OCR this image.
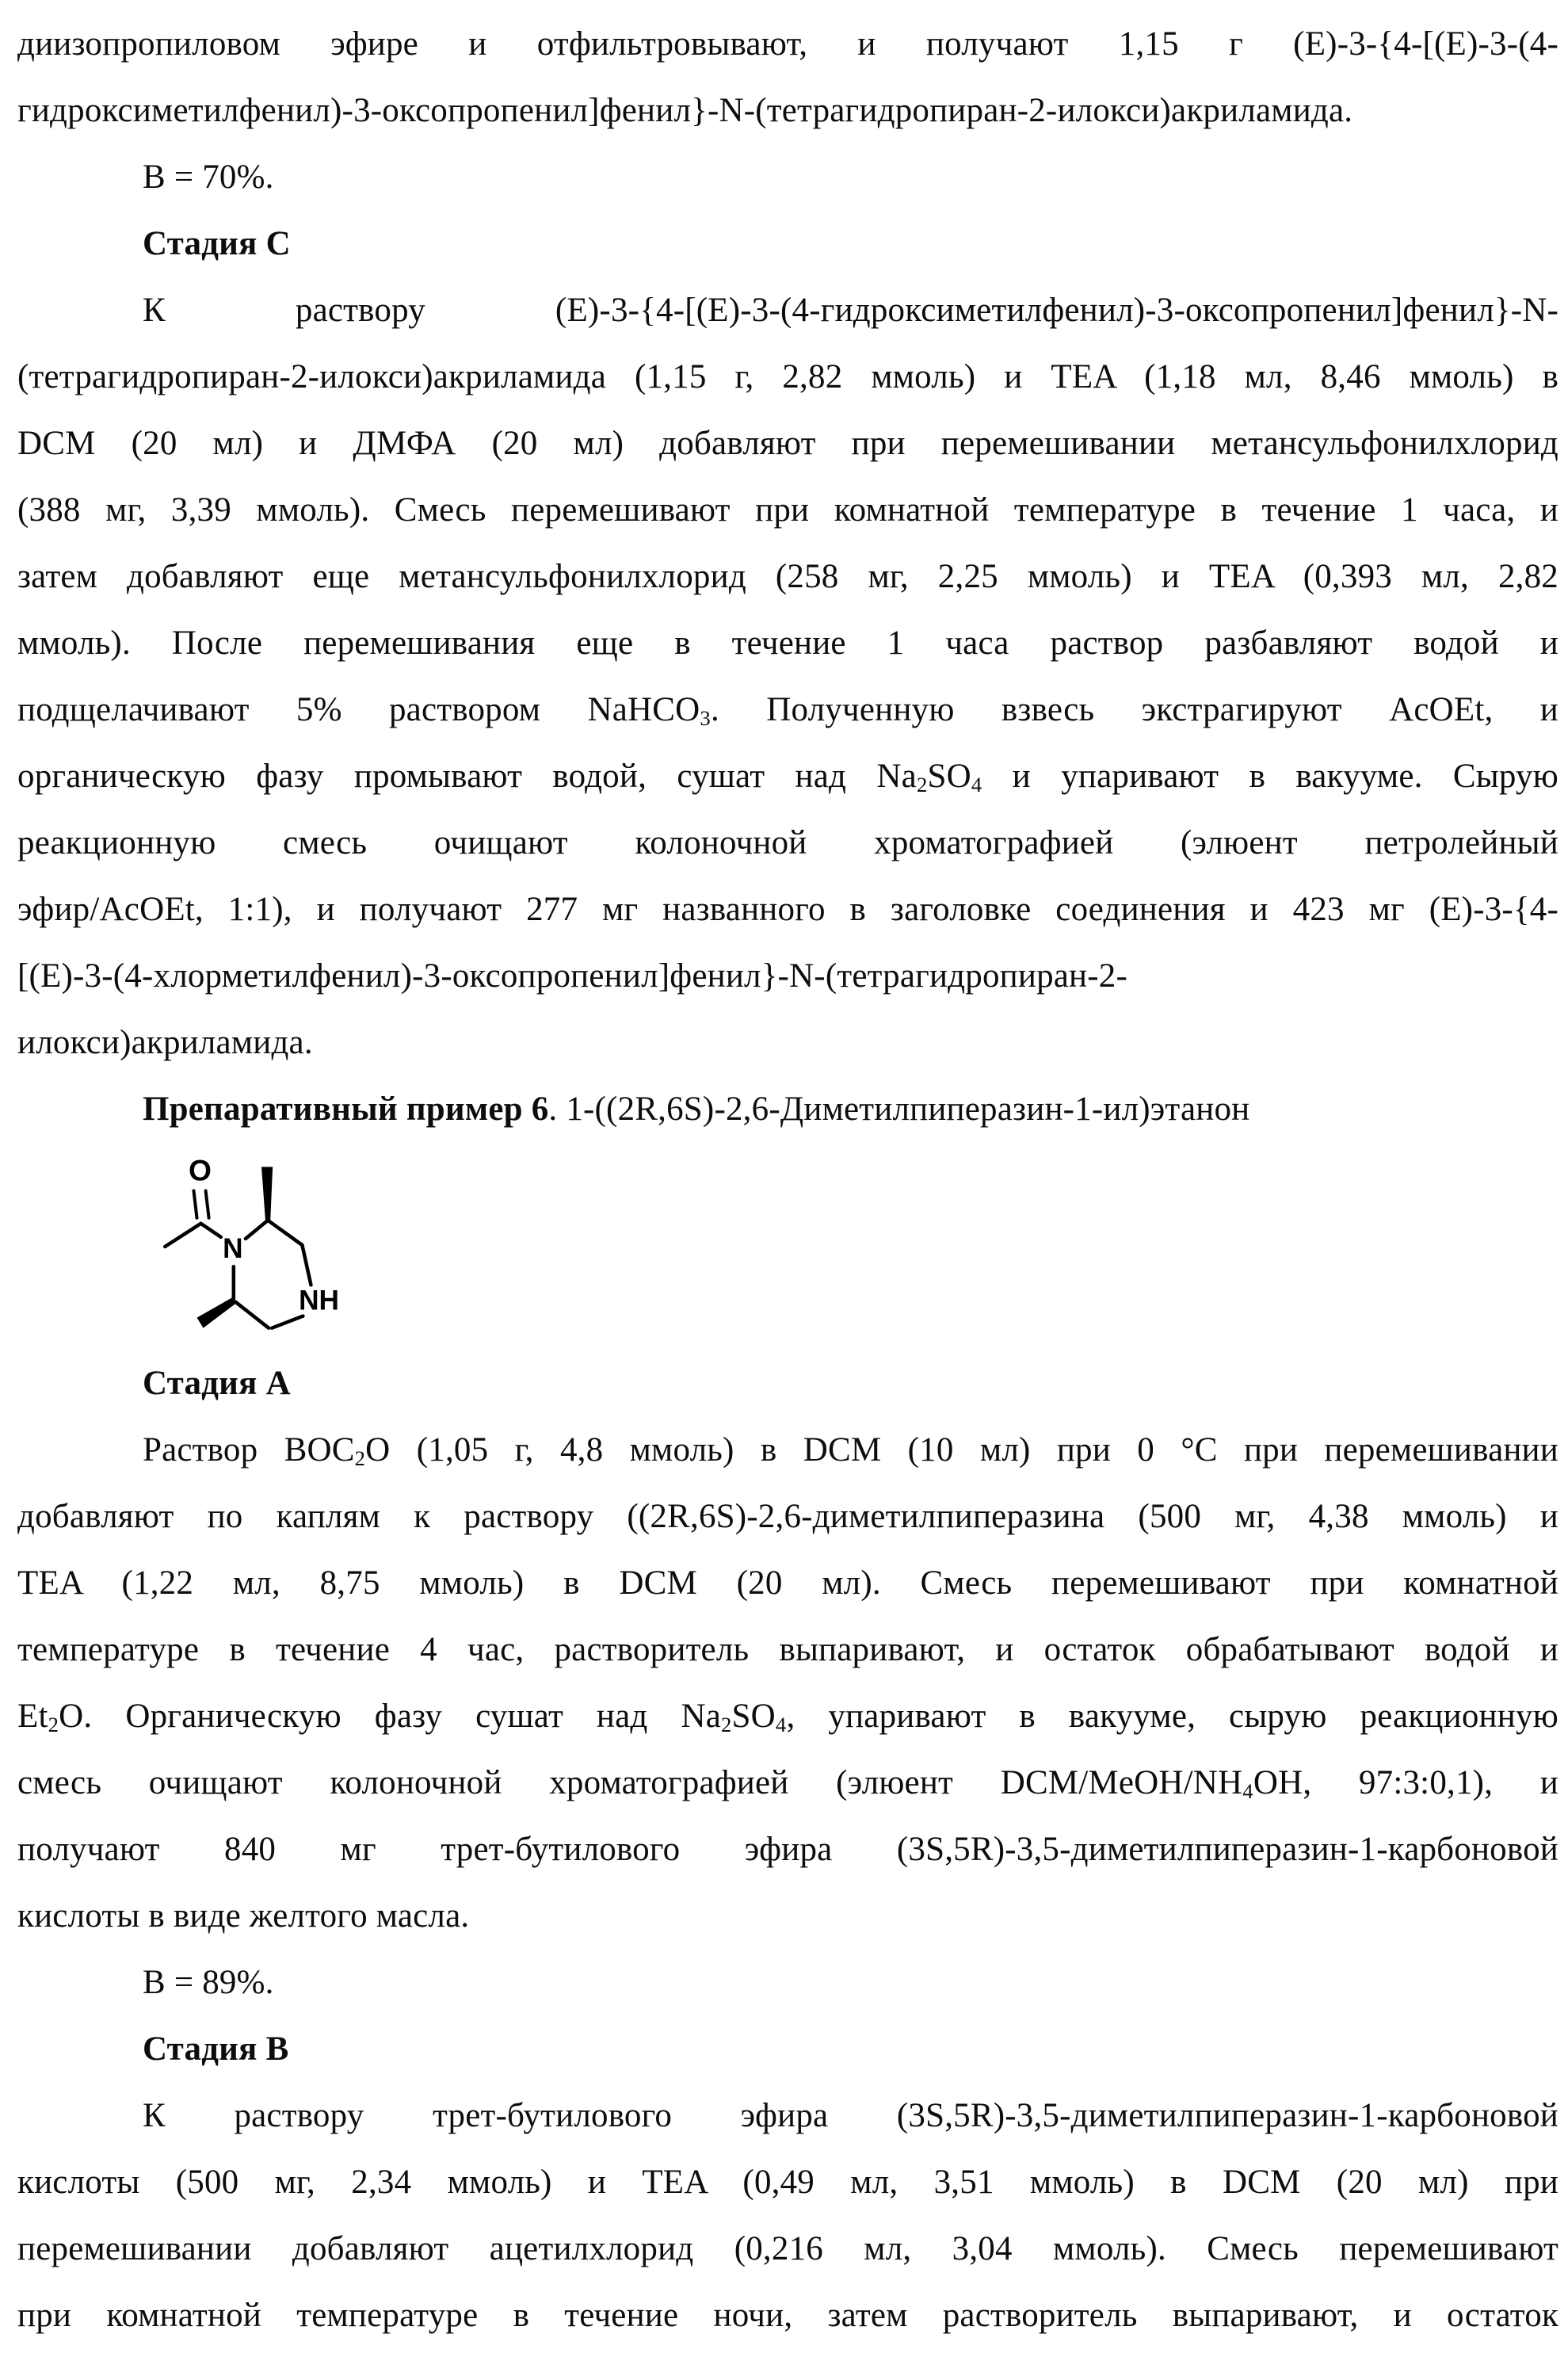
диизопропиловом эфире и отфильтровывают, и получают 1,15 г (E)-3-{4-[(E)-3-(4-
гидроксиметилфенил)-3-оксопропенил]фенил}-N-(тетрагидропиран-2-илокси)акриламида.
В = 70%.
Стадия C
К раствору (E)-3-{4-[(E)-3-(4-гидроксиметилфенил)-3-оксопропенил]фенил}-N-
(тетрагидропиран-2-илокси)акриламида (1,15 г, 2,82 ммоль) и TEA (1,18 мл, 8,46 ммоль) в
DCM (20 мл) и ДМФА (20 мл) добавляют при перемешивании метансульфонилхлорид
(388 мг, 3,39 ммоль). Смесь перемешивают при комнатной температуре в течение 1 часа, и
затем добавляют еще метансульфонилхлорид (258 мг, 2,25 ммоль) и TEA (0,393 мл, 2,82
ммоль). После перемешивания еще в течение 1 часа раствор разбавляют водой и
подщелачивают 5% раствором NaHCO$_3$. Полученную взвесь экстрагируют AcOEt, и
органическую фазу промывают водой, сушат над $Na_2SO_4$ и упаривают в вакууме. Сырую
реакционную смесь очищают колоночной хроматографией (элюент петролейный
эфир/AcOEt, 1:1), и получают 277 мг названного в заголовке соединения и 423 мг (E)-3-{4-
[(E)-3-(4-хлорметилфенил)-3-оксопропенил]фенил}-N-(тетрагидропиран-2-
илокси)акриламида.
Препаративный пример 6. 1-((2R,6S)-2,6-Диметилпиперазин-1-ил)этанон
O
N
NH
Стадия A
Раствор $BOC_2O$ (1,05 г, 4,8 ммоль) в DCM (10 мл) при 0 °C при перемешивании
добавляют по каплям к раствору ((2R,6S)-2,6-диметилпиперазина (500 мг, 4,38 ммоль) и
TEA (1,22 мл, 8,75 ммоль) в DCM (20 мл). Смесь перемешивают при комнатной
температуре в течение 4 час, растворитель выпаривают, и остаток обрабатывают водой и
$Et_2O$. Органическую фазу сушат над $Na_2SO_4$, упаривают в вакууме, сырую реакционную
смесь очищают колоночной хроматографией (элюент DCM/$MeOH/NH_4OH$, 97:3:0,1), и
получают 840 мг трет-бутилового эфира (3S,5R)-3,5-диметилпиперазин-1-карбоновой
кислоты в виде желтого масла.
В = 89%.
Стадия B
К раствору трет-бутилового эфира (3S,5R)-3,5-диметилпиперазин-1-карбоновой
кислоты (500 мг, 2,34 ммоль) и TEA (0,49 мл, 3,51 ммоль) в DCM (20 мл) при
перемешивании добавляют ацетилхлорид (0,216 мл, 3,04 ммоль). Смесь перемешивают
при комнатной температуре в течение ночи, затем растворитель выпаривают, и остаток
